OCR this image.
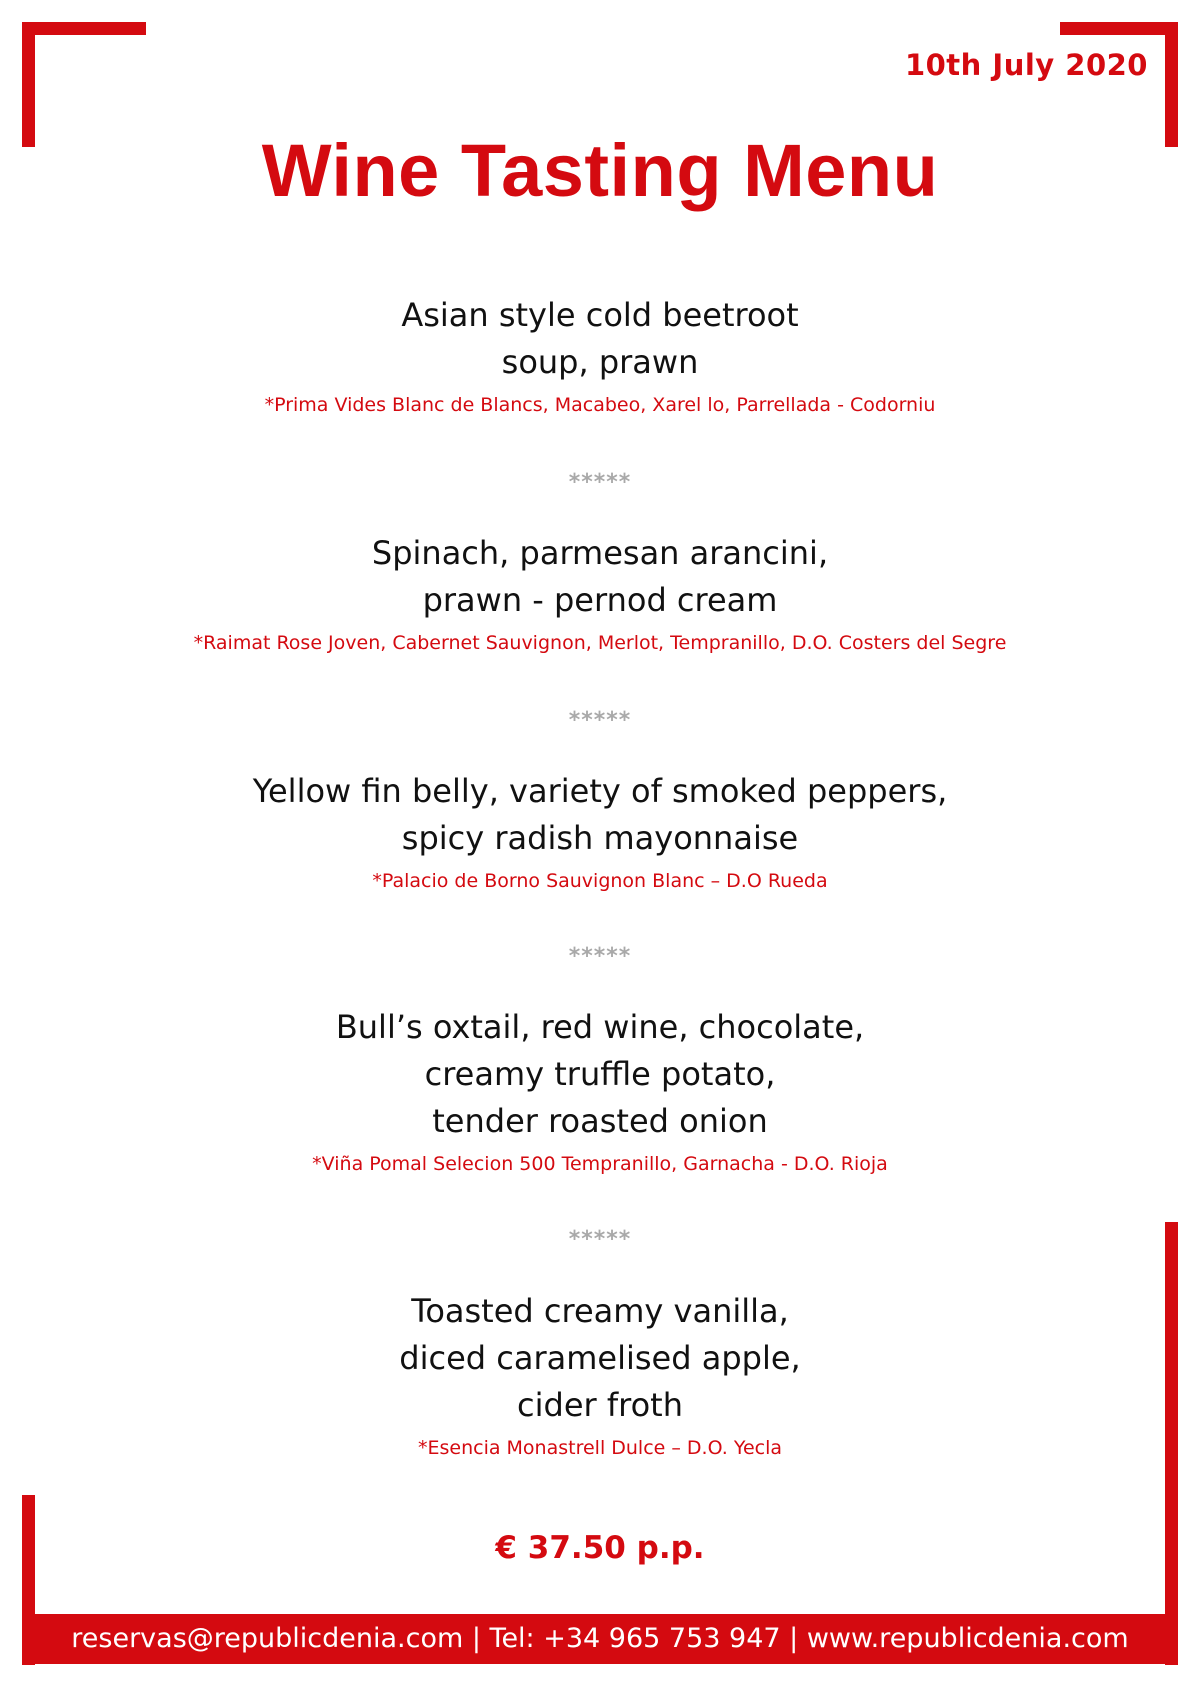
10th July 2020
Wine Tasting Menu
Asian style cold beetroot
soup, prawn
*Prima Vides Blanc de Blancs, Macabeo, Xarel lo, Parrellada - Codorniu
*****
Spinach, parmesan arancini,
prawn - pernod cream
*Raimat Rose Joven, Cabernet Sauvignon, Merlot, Tempranillo, D.O. Costers del Segre
*****
Yellow fin belly, variety of smoked peppers,
spicy radish mayonnaise
*Palacio de Borno Sauvignon Blanc – D.O Rueda
*****
Bull’s oxtail, red wine, chocolate,
creamy truffle potato,
tender roasted onion
*Viña Pomal Selecion 500 Tempranillo, Garnacha - D.O. Rioja
*****
Toasted creamy vanilla,
diced caramelised apple,
cider froth
*Esencia Monastrell Dulce – D.O. Yecla
€ 37.50 p.p.
reservas@republicdenia.com | Tel: +34 965 753 947 | www.republicdenia.com
